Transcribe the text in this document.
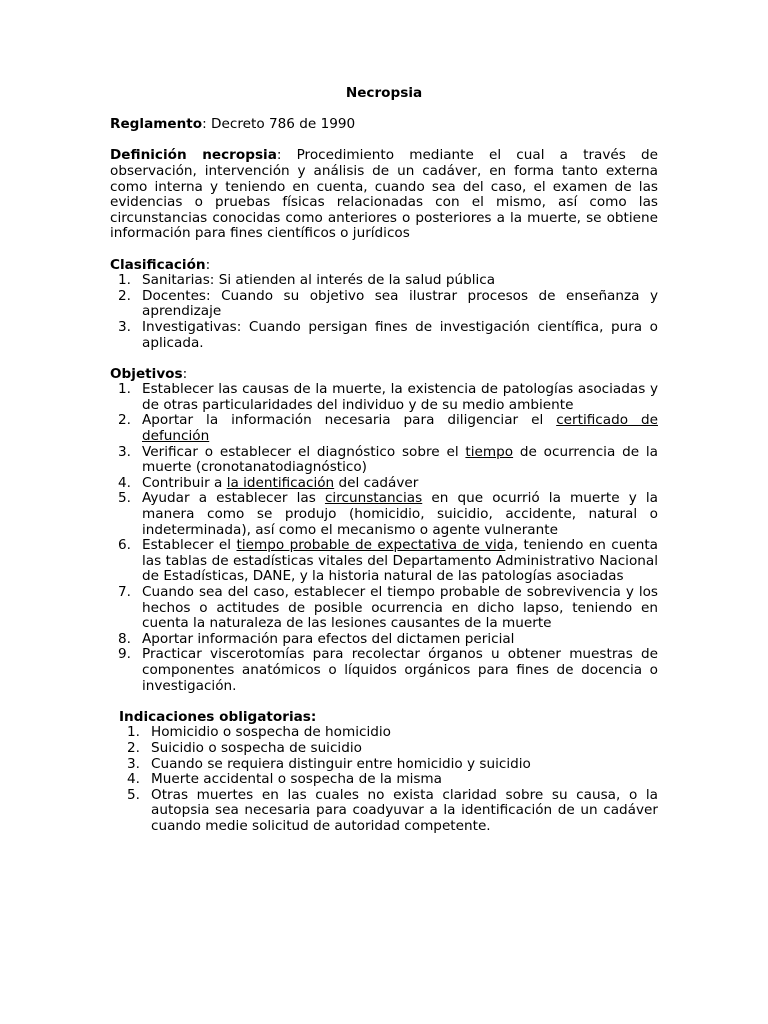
Necropsia

Reglamento: Decreto 786 de 1990

Definición necropsia: Procedimiento mediante el cual a través de observación, intervención y análisis de un cadáver, en forma tanto externa como interna y teniendo en cuenta, cuando sea del caso, el examen de las evidencias o pruebas físicas relacionadas con el mismo, así como las circunstancias conocidas como anteriores o posteriores a la muerte, se obtiene información para fines científicos o jurídicos

Clasificación:

1. Sanitarias: Si atienden al interés de la salud pública
2. Docentes: Cuando su objetivo sea ilustrar procesos de enseñanza y aprendizaje
3. Investigativas: Cuando persigan fines de investigación científica, pura o aplicada.

Objetivos:

1. Establecer las causas de la muerte, la existencia de patologías asociadas y de otras particularidades del individuo y de su medio ambiente
2. Aportar la información necesaria para diligenciar el certificado de defunción
3. Verificar o establecer el diagnóstico sobre el tiempo de ocurrencia de la muerte (cronotanatodiagnóstico)
4. Contribuir a la identificación del cadáver
5. Ayudar a establecer las circunstancias en que ocurrió la muerte y la manera como se produjo (homicidio, suicidio, accidente, natural o indeterminada), así como el mecanismo o agente vulnerante
6. Establecer el tiempo probable de expectativa de vida, teniendo en cuenta las tablas de estadísticas vitales del Departamento Administrativo Nacional de Estadísticas, DANE, y la historia natural de las patologías asociadas
7. Cuando sea del caso, establecer el tiempo probable de sobrevivencia y los hechos o actitudes de posible ocurrencia en dicho lapso, teniendo en cuenta la naturaleza de las lesiones causantes de la muerte
8. Aportar información para efectos del dictamen pericial
9. Practicar viscerotomías para recolectar órganos u obtener muestras de componentes anatómicos o líquidos orgánicos para fines de docencia o investigación.

Indicaciones obligatorias:

1. Homicidio o sospecha de homicidio
2. Suicidio o sospecha de suicidio
3. Cuando se requiera distinguir entre homicidio y suicidio
4. Muerte accidental o sospecha de la misma
5. Otras muertes en las cuales no exista claridad sobre su causa, o la autopsia sea necesaria para coadyuvar a la identificación de un cadáver cuando medie solicitud de autoridad competente.
